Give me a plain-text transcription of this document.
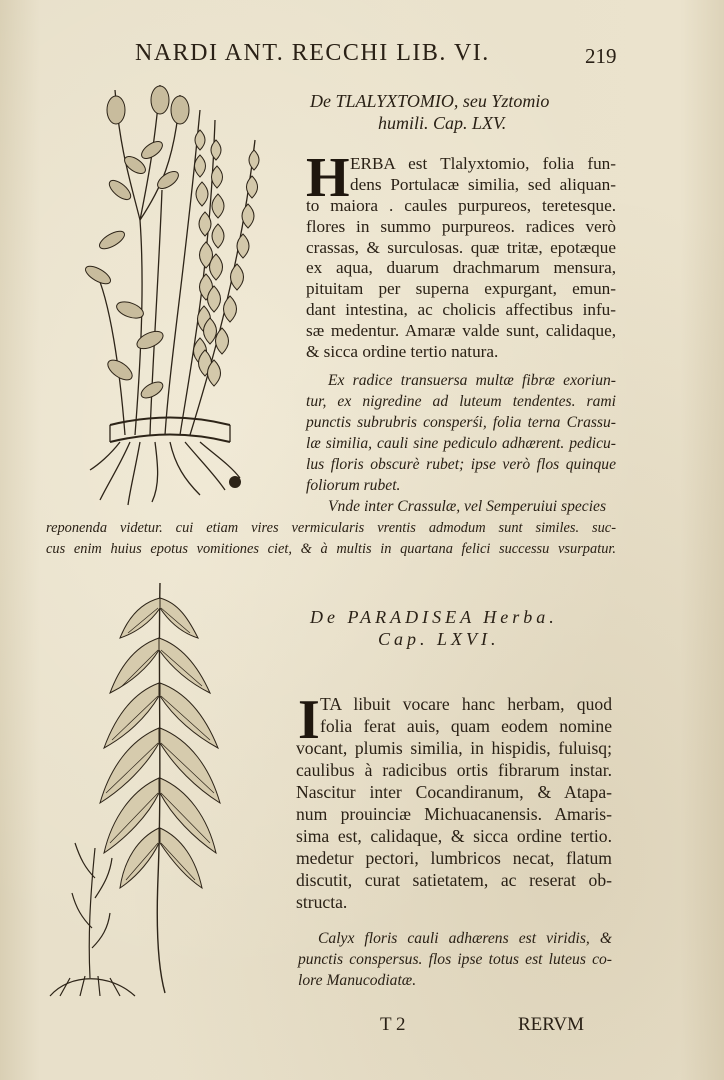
NARDI ANT. RECCHI LIB. VI.	219
De TLALYXTOMIO, seu Yztomio
humili. Cap. LXV.
H ERBA est Tlalyxtomio, folia fun-
dens Portulacæ similia, sed aliquan-
to maiora . caules purpureos, teretesque.
flores in summo purpureos. radices verò
crassas, & surculosas. quæ tritæ, epotæque
ex aqua, duarum drachmarum mensura,
pituitam per superna expurgant, emun-
dant intestina, ac cholicis affectibus infu-
sæ medentur. Amaræ valde sunt, calidaque,
& sicca ordine tertio natura.
Ex radice transuersa multæ fibræ exoriun-
tur, ex nigredine ad luteum tendentes. rami
punctis subrubris consperśi, folia terna Crassu-
læ similia, cauli sine pediculo adhærent. pedicu-
lus floris obscurè rubet; ipse verò flos quinque
foliorum rubet.
Vnde inter Crassulæ, vel Semperuiui species
reponenda videtur. cui etiam vires vermicularis vrentis admodum sunt similes. suc-
cus enim huius epotus vomitiones ciet, & à multis in quartana felici successu vsurpatur.
De PARADISEA Herba.
Cap. LXVI.
I TA libuit vocare hanc herbam, quod
folia ferat auis, quam eodem nomine
vocant, plumis similia, in hispidis, fuluisq;
caulibus à radicibus ortis fibrarum instar.
Nascitur inter Cocandiranum, & Atapa-
num prouinciæ Michuacanensis. Amaris-
sima est, calidaque, & sicca ordine tertio.
medetur pectori, lumbricos necat, flatum
discutit, curat satietatem, ac reserat ob-
structa.
Calyx floris cauli adhærens est viridis, &
punctis conspersus. flos ipse totus est luteus co-
lore Manucodiatæ.
T 2	RERVM
